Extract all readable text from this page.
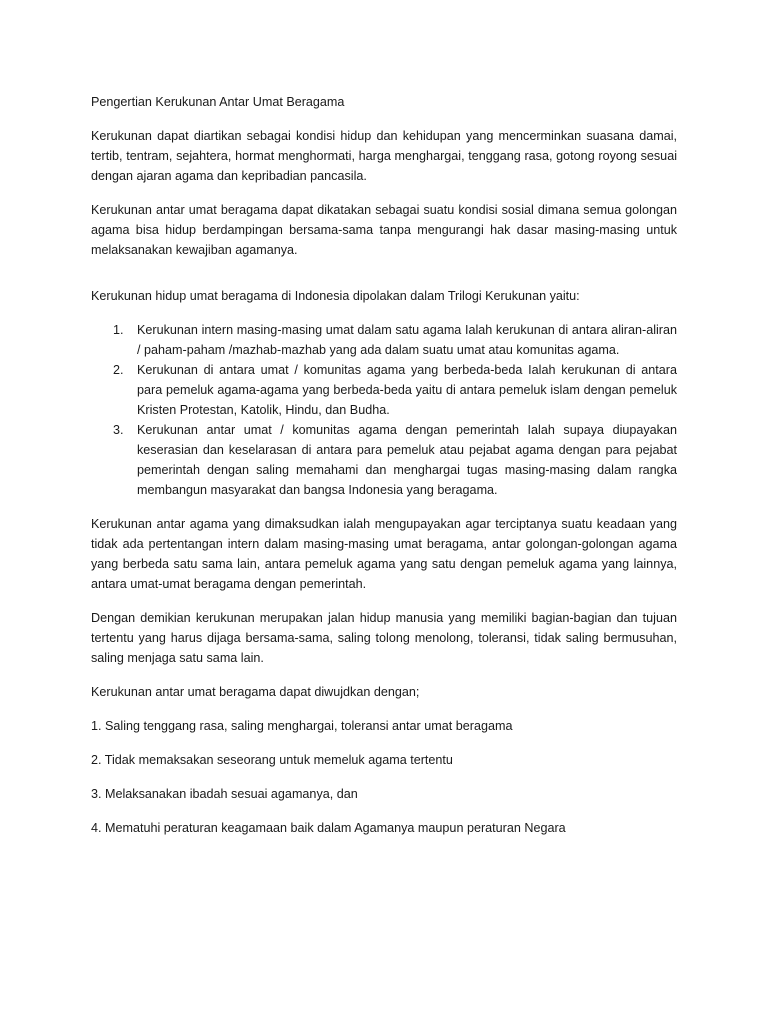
Pengertian Kerukunan Antar Umat Beragama

Kerukunan dapat diartikan sebagai kondisi hidup dan kehidupan yang mencerminkan suasana damai, tertib, tentram, sejahtera, hormat menghormati, harga menghargai, tenggang rasa, gotong royong sesuai dengan ajaran agama dan kepribadian pancasila.

Kerukunan antar umat beragama dapat dikatakan sebagai suatu kondisi sosial dimana semua golongan agama bisa hidup berdampingan bersama-sama tanpa mengurangi hak dasar masing-masing untuk melaksanakan kewajiban agamanya.

Kerukunan hidup umat beragama di Indonesia dipolakan dalam Trilogi Kerukunan yaitu:

1. Kerukunan intern masing-masing umat dalam satu agama Ialah kerukunan di antara aliran-aliran / paham-paham /mazhab-mazhab yang ada dalam suatu umat atau komunitas agama.
2. Kerukunan di antara umat / komunitas agama yang berbeda-beda Ialah kerukunan di antara para pemeluk agama-agama yang berbeda-beda yaitu di antara pemeluk islam dengan pemeluk Kristen Protestan, Katolik, Hindu, dan Budha.
3. Kerukunan antar umat / komunitas agama dengan pemerintah Ialah supaya diupayakan keserasian dan keselarasan di antara para pemeluk atau pejabat agama dengan para pejabat pemerintah dengan saling memahami dan menghargai tugas masing-masing dalam rangka membangun masyarakat dan bangsa Indonesia yang beragama.

Kerukunan antar agama yang dimaksudkan ialah mengupayakan agar terciptanya suatu keadaan yang tidak ada pertentangan intern dalam masing-masing umat beragama, antar golongan-golongan agama yang berbeda satu sama lain, antara pemeluk agama yang satu dengan pemeluk agama yang lainnya, antara umat-umat beragama dengan pemerintah.

Dengan demikian kerukunan merupakan jalan hidup manusia yang memiliki bagian-bagian dan tujuan tertentu yang harus dijaga bersama-sama, saling tolong menolong, toleransi, tidak saling bermusuhan, saling menjaga satu sama lain.

Kerukunan antar umat beragama dapat diwujdkan dengan;

1. Saling tenggang rasa, saling menghargai, toleransi antar umat beragama

2. Tidak memaksakan seseorang untuk memeluk agama tertentu

3. Melaksanakan ibadah sesuai agamanya, dan

4. Mematuhi peraturan keagamaan baik dalam Agamanya maupun peraturan Negara
